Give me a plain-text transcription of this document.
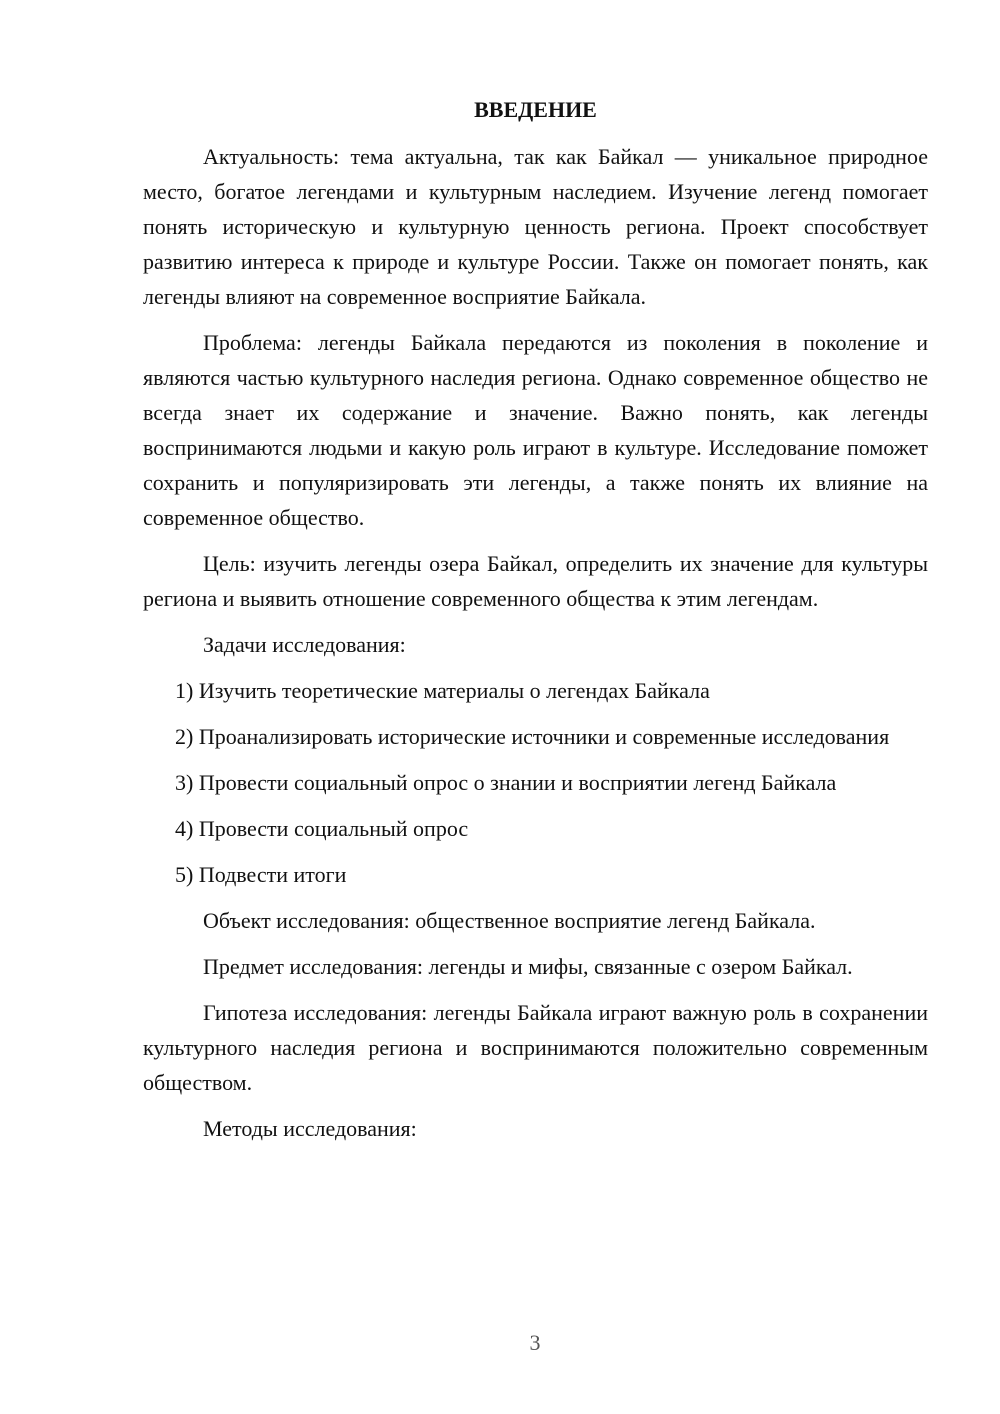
ВВЕДЕНИЕ

Актуальность: тема актуальна, так как Байкал — уникальное природное место, богатое легендами и культурным наследием. Изучение легенд помогает понять историческую и культурную ценность региона. Проект способствует развитию интереса к природе и культуре России. Также он помогает понять, как легенды влияют на современное восприятие Байкала.

Проблема: легенды Байкала передаются из поколения в поколение и являются частью культурного наследия региона. Однако современное общество не всегда знает их содержание и значение. Важно понять, как легенды воспринимаются людьми и какую роль играют в культуре. Исследование поможет сохранить и популяризировать эти легенды, а также понять их влияние на современное общество.

Цель: изучить легенды озера Байкал, определить их значение для культуры региона и выявить отношение современного общества к этим легендам.

Задачи исследования:

1) Изучить теоретические материалы о легендах Байкала

2) Проанализировать исторические источники и современные исследования

3) Провести социальный опрос о знании и восприятии легенд Байкала

4) Провести социальный опрос

5) Подвести итоги

Объект исследования: общественное восприятие легенд Байкала.

Предмет исследования: легенды и мифы, связанные с озером Байкал.

Гипотеза исследования: легенды Байкала играют важную роль в сохранении культурного наследия региона и воспринимаются положительно современным обществом.

Методы исследования:

3
